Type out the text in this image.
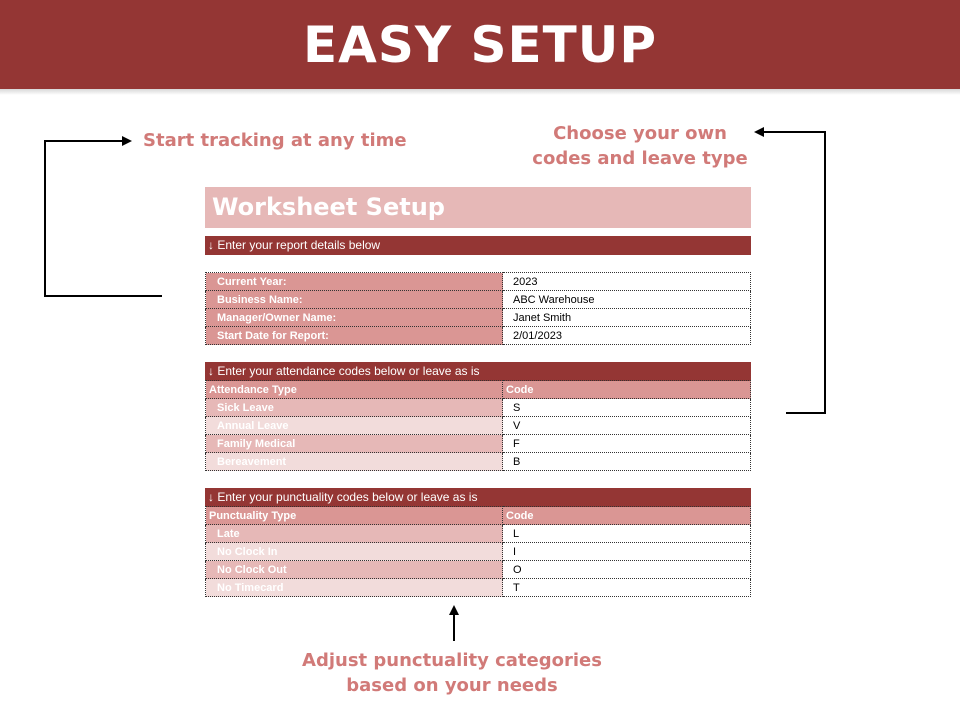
EASY SETUP
Start tracking at any time	Choose your own
codes and leave type
Adjust punctuality categories
based on your needs
Worksheet Setup
↓ Enter your report details below
Current Year:	2023
Business Name:	ABC Warehouse
Manager/Owner Name:	Janet Smith
Start Date for Report:	2/01/2023
↓ Enter your attendance codes below or leave as is
Attendance Type	Code
Sick Leave	S
Annual Leave	V
Family Medical	F
Bereavement	B
↓ Enter your punctuality codes below or leave as is
Punctuality Type	Code
Late	L
No Clock In	I
No Clock Out	O
No Timecard	T
